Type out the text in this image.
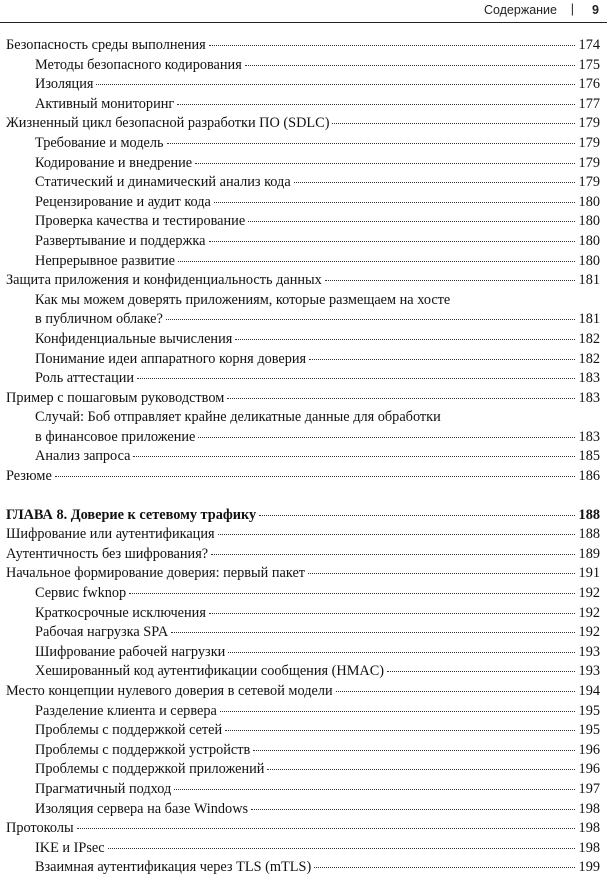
Содержание | 9
Безопасность среды выполнения	174
Методы безопасного кодирования	175
Изоляция	176
Активный мониторинг	177
Жизненный цикл безопасной разработки ПО (SDLC)	179
Требование и модель	179
Кодирование и внедрение	179
Статический и динамический анализ кода	179
Рецензирование и аудит кода	180
Проверка качества и тестирование	180
Развертывание и поддержка	180
Непрерывное развитие	180
Защита приложения и конфиденциальность данных	181
Как мы можем доверять приложениям, которые размещаем на хосте
в публичном облаке?	181
Конфиденциальные вычисления	182
Понимание идеи аппаратного корня доверия	182
Роль аттестации	183
Пример с пошаговым руководством	183
Случай: Боб отправляет крайне деликатные данные для обработки
в финансовое приложение	183
Анализ запроса	185
Резюме	186
ГЛАВА 8. Доверие к сетевому трафику	188
Шифрование или аутентификация	188
Аутентичность без шифрования?	189
Начальное формирование доверия: первый пакет	191
Сервис fwknop	192
Краткосрочные исключения	192
Рабочая нагрузка SPA	192
Шифрование рабочей нагрузки	193
Хешированный код аутентификации сообщения (HMAC)	193
Место концепции нулевого доверия в сетевой модели	194
Разделение клиента и сервера	195
Проблемы с поддержкой сетей	195
Проблемы с поддержкой устройств	196
Проблемы с поддержкой приложений	196
Прагматичный подход	197
Изоляция сервера на базе Windows	198
Протоколы	198
IKE и IPsec	198
Взаимная аутентификация через TLS (mTLS)	199
